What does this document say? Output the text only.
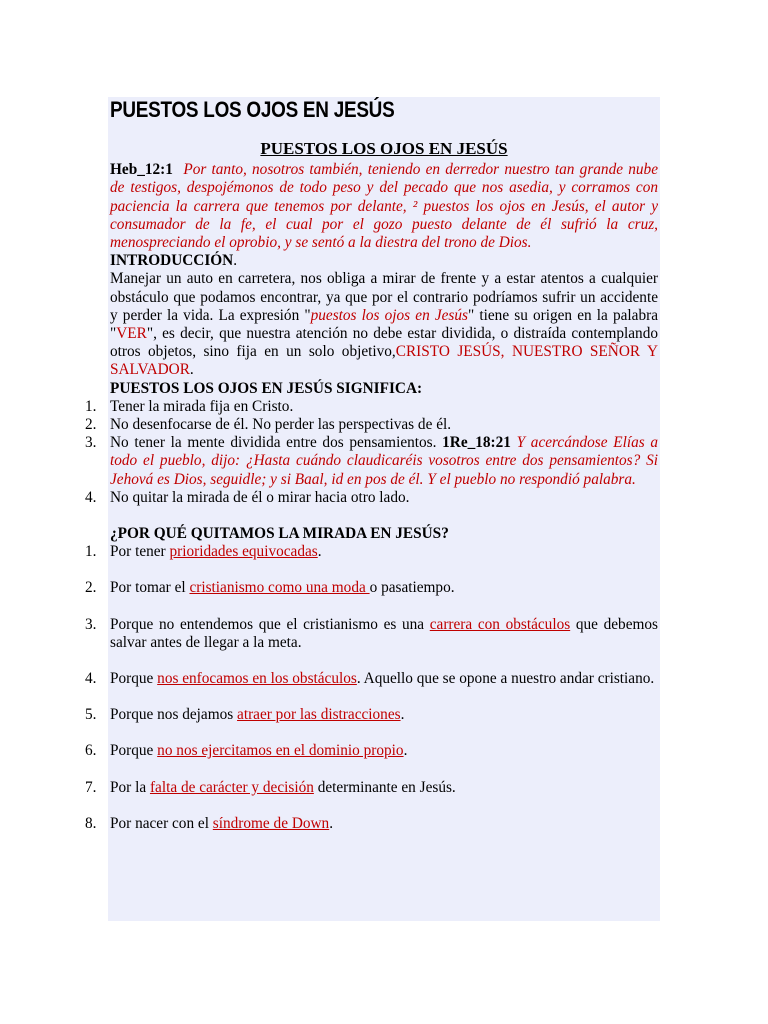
PUESTOS LOS OJOS EN JESÚS
PUESTOS LOS OJOS EN JESÚS
Heb_12:1 Por tanto, nosotros también, teniendo en derredor nuestro tan grande nube de testigos, despojémonos de todo peso y del pecado que nos asedia, y corramos con paciencia la carrera que tenemos por delante, ² puestos los ojos en Jesús, el autor y consumador de la fe, el cual por el gozo puesto delante de él sufrió la cruz, menospreciando el oprobio, y se sentó a la diestra del trono de Dios.
INTRODUCCIÓN.
Manejar un auto en carretera, nos obliga a mirar de frente y a estar atentos a cualquier obstáculo que podamos encontrar, ya que por el contrario podríamos sufrir un accidente y perder la vida. La expresión "puestos los ojos en Jesús" tiene su origen en la palabra "VER", es decir, que nuestra atención no debe estar dividida, o distraída contemplando otros objetos, sino fija en un solo objetivo,CRISTO JESÚS, NUESTRO SEÑOR Y SALVADOR.
PUESTOS LOS OJOS EN JESÚS SIGNIFICA:
1. Tener la mirada fija en Cristo.
2. No desenfocarse de él. No perder las perspectivas de él.
3. No tener la mente dividida entre dos pensamientos. 1Re_18:21 Y acercándose Elías a todo el pueblo, dijo: ¿Hasta cuándo claudicaréis vosotros entre dos pensamientos? Si Jehová es Dios, seguidle; y si Baal, id en pos de él. Y el pueblo no respondió palabra.
4. No quitar la mirada de él o mirar hacia otro lado.
¿POR QUÉ QUITAMOS LA MIRADA EN JESÚS?
1. Por tener prioridades equivocadas.
2. Por tomar el cristianismo como una moda o pasatiempo.
3. Porque no entendemos que el cristianismo es una carrera con obstáculos que debemos salvar antes de llegar a la meta.
4. Porque nos enfocamos en los obstáculos. Aquello que se opone a nuestro andar cristiano.
5. Porque nos dejamos atraer por las distracciones.
6. Porque no nos ejercitamos en el dominio propio.
7. Por la falta de carácter y decisión determinante en Jesús.
8. Por nacer con el síndrome de Down.
